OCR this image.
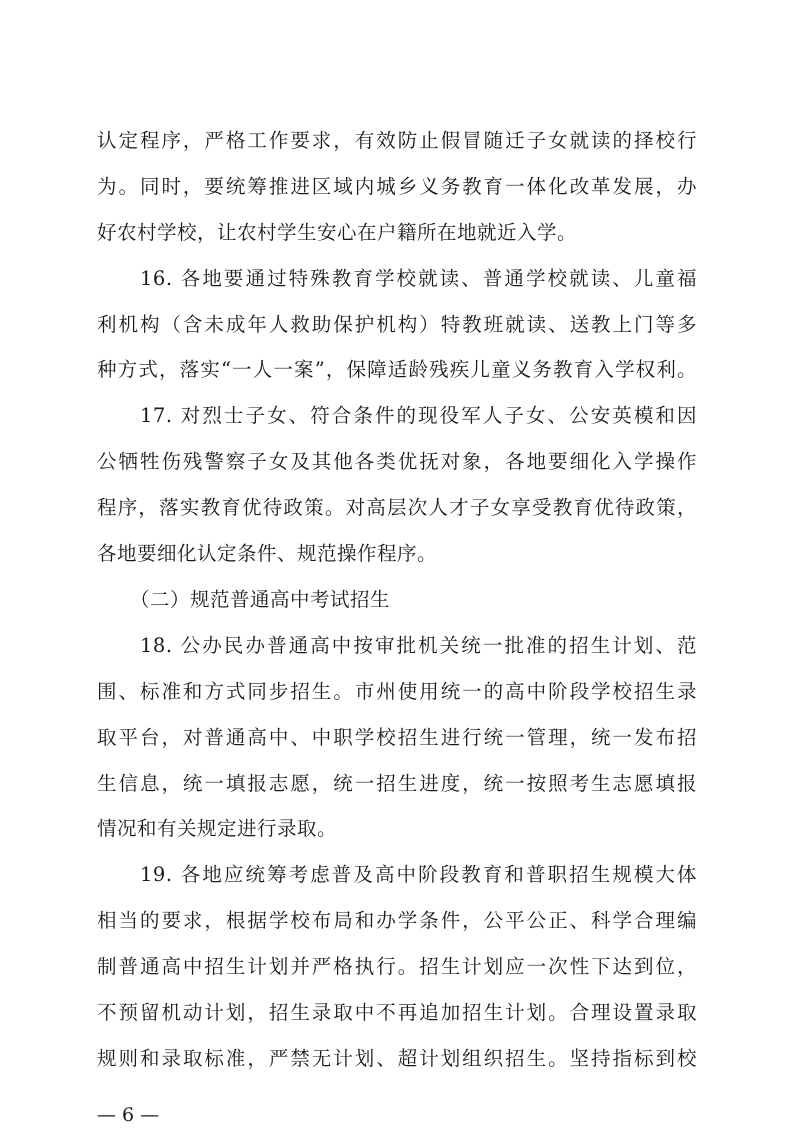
认定程序，严格工作要求，有效防止假冒随迁子女就读的择校行
为。同时，要统筹推进区域内城乡义务教育一体化改革发展，办
好农村学校，让农村学生安心在户籍所在地就近入学。
16. 各地要通过特殊教育学校就读、普通学校就读、儿童福
利机构（含未成年人救助保护机构）特教班就读、送教上门等多
种方式，落实“一人一案”，保障适龄残疾儿童义务教育入学权利。
17. 对烈士子女、符合条件的现役军人子女、公安英模和因
公牺牲伤残警察子女及其他各类优抚对象，各地要细化入学操作
程序，落实教育优待政策。对高层次人才子女享受教育优待政策，
各地要细化认定条件、规范操作程序。
（二）规范普通高中考试招生
18. 公办民办普通高中按审批机关统一批准的招生计划、范
围、标准和方式同步招生。市州使用统一的高中阶段学校招生录
取平台，对普通高中、中职学校招生进行统一管理，统一发布招
生信息，统一填报志愿，统一招生进度，统一按照考生志愿填报
情况和有关规定进行录取。
19. 各地应统筹考虑普及高中阶段教育和普职招生规模大体
相当的要求，根据学校布局和办学条件，公平公正、科学合理编
制普通高中招生计划并严格执行。招生计划应一次性下达到位，
不预留机动计划，招生录取中不再追加招生计划。合理设置录取
规则和录取标准，严禁无计划、超计划组织招生。坚持指标到校
— 6 —
